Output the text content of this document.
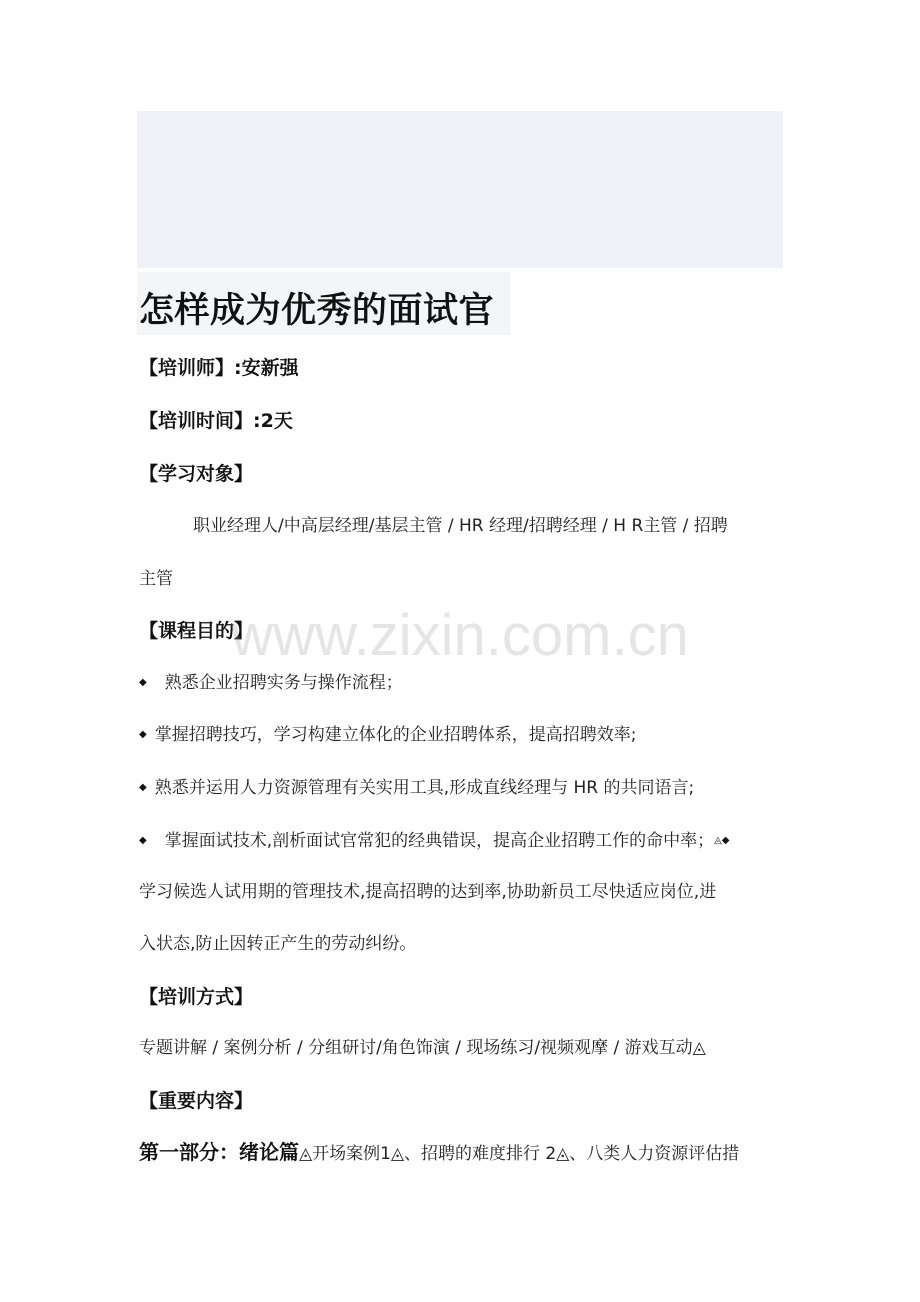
怎样成为优秀的面试官
【培训师】:安新强
【培训时间】:2天
【学习对象】
职业经理人/中高层经理/基层主管 / HR 经理/招聘经理 / H R主管 / 招聘
主管
【课程目的】
◆ 熟悉企业招聘实务与操作流程；
◆ 掌握招聘技巧，学习构建立体化的企业招聘体系，提高招聘效率;
◆ 熟悉并运用人力资源管理有关实用工具,形成直线经理与 HR 的共同语言;
◆ 掌握面试技术,剖析面试官常犯的经典错误，提高企业招聘工作的命中率；◬◆
学习候选人试用期的管理技术,提高招聘的达到率,协助新员工尽快适应岗位,进
入状态,防止因转正产生的劳动纠纷。
【培训方式】
专题讲解 / 案例分析 / 分组研讨/角色饰演 / 现场练习/视频观摩 / 游戏互动◬
【重要内容】
第一部分：绪论篇◬开场案例1◬、招聘的难度排行 2◬、八类人力资源评估措
www.zixin.com.cn
